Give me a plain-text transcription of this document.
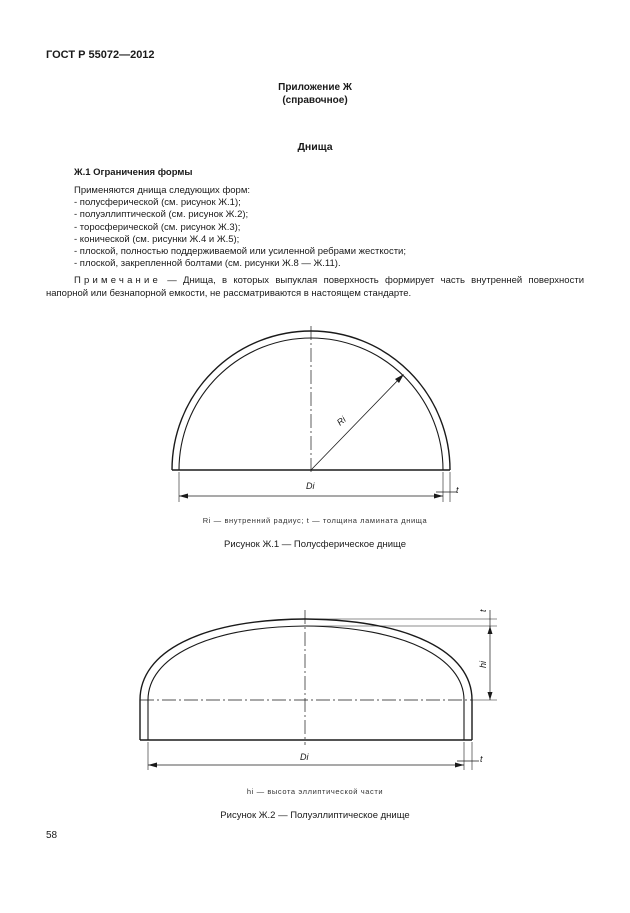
ГОСТ Р 55072—2012
Приложение Ж
(справочное)
Днища
Ж.1 Ограничения формы
Применяются днища следующих форм:
- полусферической (см. рисунок Ж.1);
- полуэллиптической (см. рисунок Ж.2);
- торосферической (см. рисунок Ж.3);
- конической (см. рисунки Ж.4 и Ж.5);
- плоской, полностью поддерживаемой или усиленной ребрами жесткости;
- плоской, закрепленной болтами (см. рисунки Ж.8 — Ж.11).
Примечание — Днища, в которых выпуклая поверхность формирует часть внутренней поверхности
напорной или безнапорной емкости, не рассматриваются в настоящем стандарте.
Ri
Di	t
Ri — внутренний радиус; t — толщина ламината днища
Рисунок Ж.1 — Полусферическое днище
t
hi
Di	t
hi — высота эллиптической части
Рисунок Ж.2 — Полуэллиптическое днище
58
